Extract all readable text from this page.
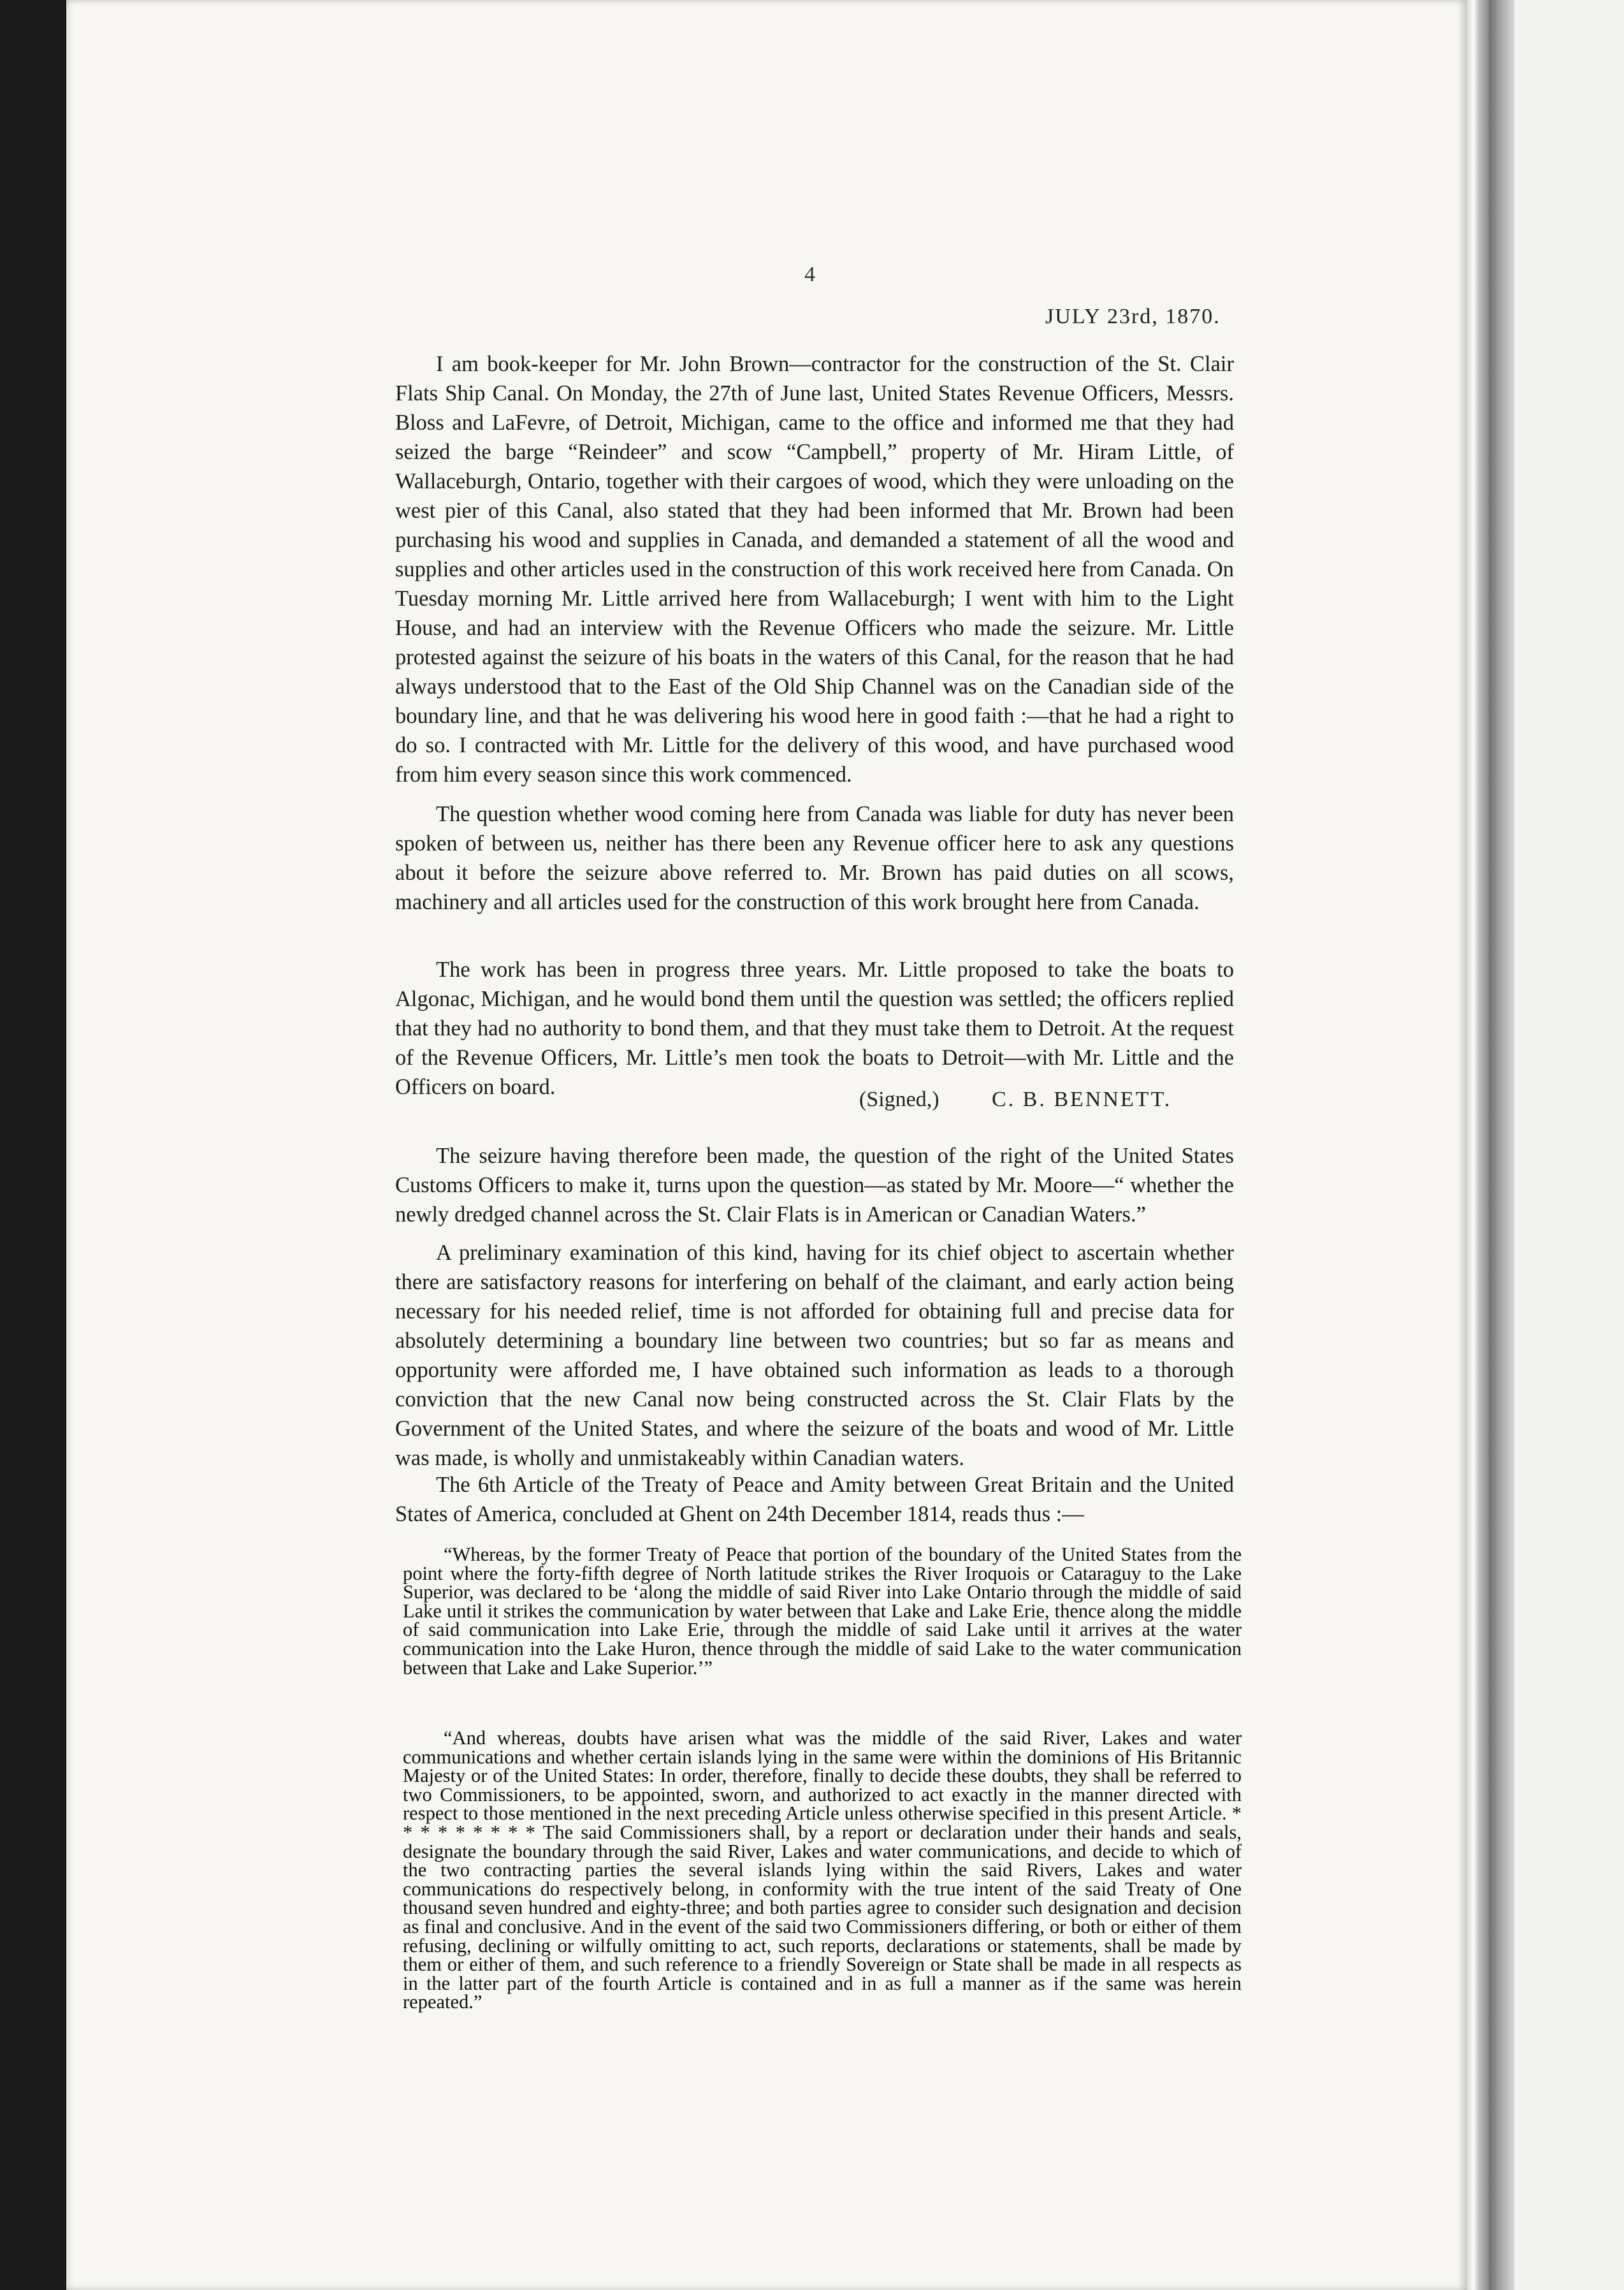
4
JULY 23rd, 1870.

I am book-keeper for Mr. John Brown—contractor for the construction of the St. Clair Flats Ship Canal. On Monday, the 27th of June last, United States Revenue Officers, Messrs. Bloss and LaFevre, of Detroit, Michigan, came to the office and informed me that they had seized the barge “Reindeer” and scow “Campbell,” property of Mr. Hiram Little, of Wallaceburgh, Ontario, together with their cargoes of wood, which they were unloading on the west pier of this Canal, also stated that they had been informed that Mr. Brown had been purchasing his wood and supplies in Canada, and demanded a statement of all the wood and supplies and other articles used in the construction of this work received here from Canada. On Tuesday morning Mr. Little arrived here from Wallaceburgh; I went with him to the Light House, and had an interview with the Revenue Officers who made the seizure. Mr. Little protested against the seizure of his boats in the waters of this Canal, for the reason that he had always understood that to the East of the Old Ship Channel was on the Canadian side of the boundary line, and that he was delivering his wood here in good faith :—that he had a right to do so. I contracted with Mr. Little for the delivery of this wood, and have purchased wood from him every season since this work commenced.

The question whether wood coming here from Canada was liable for duty has never been spoken of between us, neither has there been any Revenue officer here to ask any questions about it before the seizure above referred to. Mr. Brown has paid duties on all scows, machinery and all articles used for the construction of this work brought here from Canada.

The work has been in progress three years. Mr. Little proposed to take the boats to Algonac, Michigan, and he would bond them until the question was settled; the officers replied that they had no authority to bond them, and that they must take them to Detroit. At the request of the Revenue Officers, Mr. Little’s men took the boats to Detroit—with Mr. Little and the Officers on board.

(Signed,) C. B. BENNETT.

The seizure having therefore been made, the question of the right of the United States Customs Officers to make it, turns upon the question—as stated by Mr. Moore—“ whether the newly dredged channel across the St. Clair Flats is in American or Canadian Waters.”

A preliminary examination of this kind, having for its chief object to ascertain whether there are satisfactory reasons for interfering on behalf of the claimant, and early action being necessary for his needed relief, time is not afforded for obtaining full and precise data for absolutely determining a boundary line between two countries; but so far as means and opportunity were afforded me, I have obtained such information as leads to a thorough conviction that the new Canal now being constructed across the St. Clair Flats by the Government of the United States, and where the seizure of the boats and wood of Mr. Little was made, is wholly and unmistakeably within Canadian waters.

The 6th Article of the Treaty of Peace and Amity between Great Britain and the United States of America, concluded at Ghent on 24th December 1814, reads thus :—

“Whereas, by the former Treaty of Peace that portion of the boundary of the United States from the point where the forty-fifth degree of North latitude strikes the River Iroquois or Cataraguy to the Lake Superior, was declared to be ‘along the middle of said River into Lake Ontario through the middle of said Lake until it strikes the communication by water between that Lake and Lake Erie, thence along the middle of said communication into Lake Erie, through the middle of said Lake until it arrives at the water communication into the Lake Huron, thence through the middle of said Lake to the water communication between that Lake and Lake Superior.’”

“And whereas, doubts have arisen what was the middle of the said River, Lakes and water communications and whether certain islands lying in the same were within the dominions of His Britannic Majesty or of the United States: In order, therefore, finally to decide these doubts, they shall be referred to two Commissioners, to be appointed, sworn, and authorized to act exactly in the manner directed with respect to those mentioned in the next preceding Article unless otherwise specified in this present Article. * * * * * * * * * The said Commissioners shall, by a report or declaration under their hands and seals, designate the boundary through the said River, Lakes and water communications, and decide to which of the two contracting parties the several islands lying within the said Rivers, Lakes and water communications do respectively belong, in conformity with the true intent of the said Treaty of One thousand seven hundred and eighty-three; and both parties agree to consider such designation and decision as final and conclusive. And in the event of the said two Commissioners differing, or both or either of them refusing, declining or wilfully omitting to act, such reports, declarations or statements, shall be made by them or either of them, and such reference to a friendly Sovereign or State shall be made in all respects as in the latter part of the fourth Article is contained and in as full a manner as if the same was herein repeated.”
